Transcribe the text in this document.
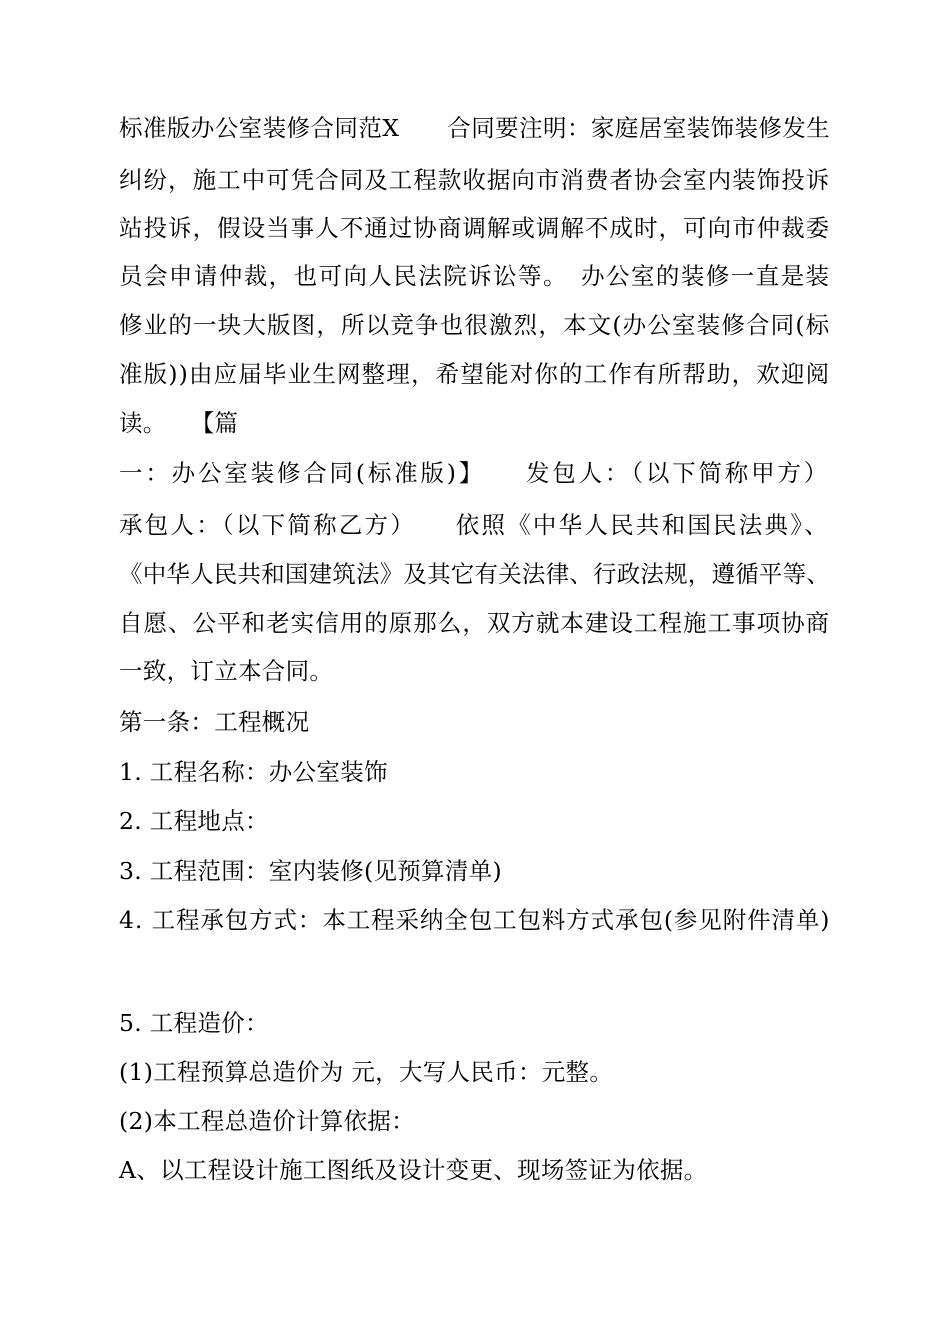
标准版办公室装修合同范X　　合同要注明：家庭居室装饰装修发生
纠纷，施工中可凭合同及工程款收据向市消费者协会室内装饰投诉
站投诉，假设当事人不通过协商调解或调解不成时，可向市仲裁委
员会申请仲裁，也可向人民法院诉讼等。　办公室的装修一直是装
修业的一块大版图，所以竞争也很激烈，本文(办公室装修合同(标
准版))由应届毕业生网整理，希望能对你的工作有所帮助，欢迎阅
读。　　【篇
一：办公室装修合同(标准版)】　　发包人：（以下简称甲方）
承包人：（以下简称乙方）　　依照《中华人民共和国民法典》、
《中华人民共和国建筑法》及其它有关法律、行政法规，遵循平等、
自愿、公平和老实信用的原那么，双方就本建设工程施工事项协商
一致，订立本合同。
第一条：工程概况
1. 工程名称：办公室装饰
2. 工程地点：
3. 工程范围：室内装修(见预算清单)
4. 工程承包方式：本工程采纳全包工包料方式承包(参见附件清单)
5. 工程造价：
(1)工程预算总造价为 元，大写人民币：元整。
(2)本工程总造价计算依据：
A、以工程设计施工图纸及设计变更、现场签证为依据。
